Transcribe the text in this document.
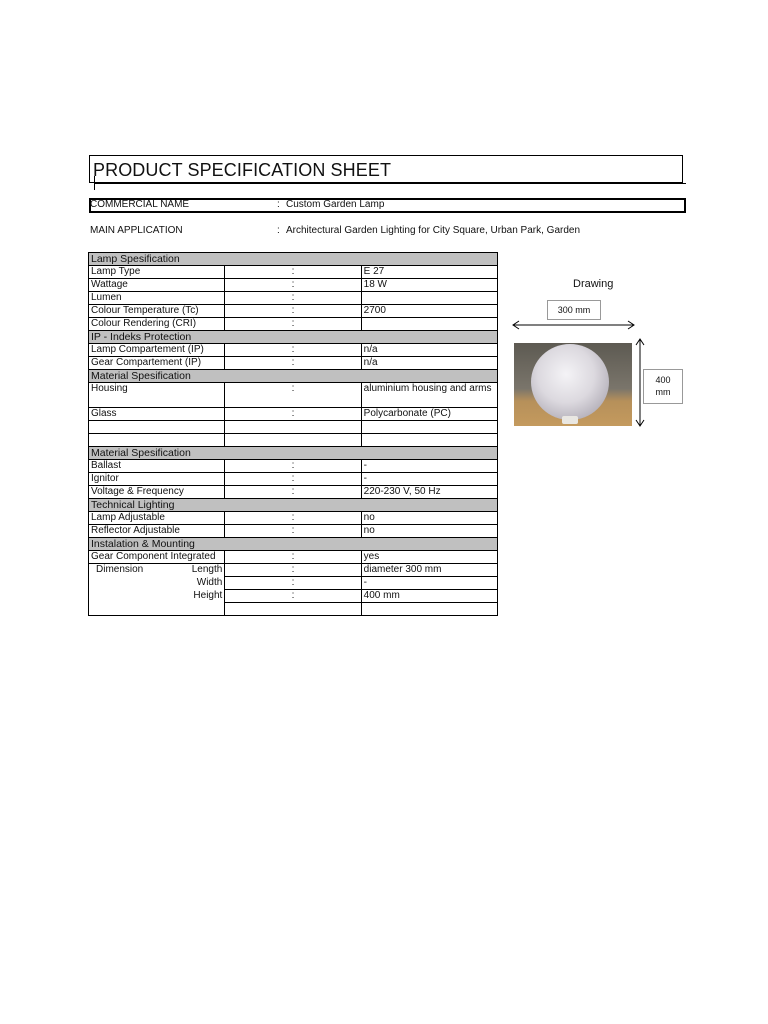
PRODUCT SPECIFICATION SHEET
COMMERCIAL NAME	: Custom Garden Lamp
MAIN APPLICATION	: Architectural Garden Lighting for City Square, Urban Park, Garden
Lamp Spesification		
Lamp Type	:	E 27
Wattage	:	18 W
Lumen	:	
Colour Temperature (Tc)	:	2700
Colour Rendering (CRI)	:	
IP - Indeks Protection		
Lamp Compartement (IP)	:	n/a
Gear Compartement (IP)	:	n/a
Material Spesification		
Housing	:	aluminium housing and arms

Glass	:	Polycarbonate (PC)

Material Spesification		
Ballast	:	-
Ignitor	:	-
Voltage & Frequency	:	220-230 V, 50 Hz
Technical Lighting		
Lamp Adjustable	:	no
Reflector Adjustable	:	no
Instalation & Mounting		
Gear Component Integrated	:	yes

Dimension Length	:	diameter 300 mm
Width	:	-
Height	:	400 mm

Drawing
300 mm
400
mm
